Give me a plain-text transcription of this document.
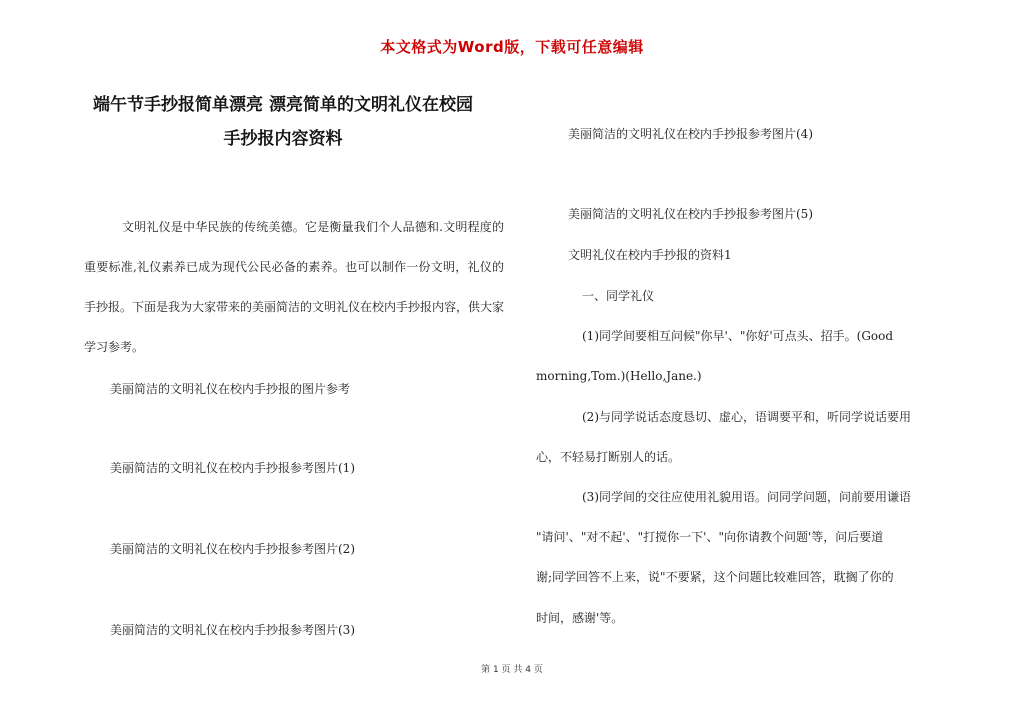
本文格式为Word版，下载可任意编辑
端午节手抄报简单漂亮 漂亮简单的文明礼仪在校园
手抄报内容资料
文明礼仪是中华民族的传统美德。它是衡量我们个人品德和.文明程度的重要标准,礼仪素养已成为现代公民必备的素养。也可以制作一份文明，礼仪的手抄报。下面是我为大家带来的美丽简洁的文明礼仪在校内手抄报内容，供大家学习参考。
美丽简洁的文明礼仪在校内手抄报的图片参考
美丽简洁的文明礼仪在校内手抄报参考图片(1)
美丽简洁的文明礼仪在校内手抄报参考图片(2)
美丽简洁的文明礼仪在校内手抄报参考图片(3)
美丽简洁的文明礼仪在校内手抄报参考图片(4)
美丽简洁的文明礼仪在校内手抄报参考图片(5)
文明礼仪在校内手抄报的资料1
一、同学礼仪
(1)同学间要相互问候"你早'、"你好'可点头、招手。(Good
morning,Tom.)(Hello,Jane.)
(2)与同学说话态度恳切、虚心，语调要平和，听同学说话要用
心，不轻易打断别人的话。
(3)同学间的交往应使用礼貌用语。问同学问题，问前要用谦语
"请问'、"对不起'、"打搅你一下'、"向你请教个问题'等，问后要道
谢;同学回答不上来，说"不要紧，这个问题比较难回答，耽搁了你的
时间，感谢'等。
第 1 页 共 4 页
